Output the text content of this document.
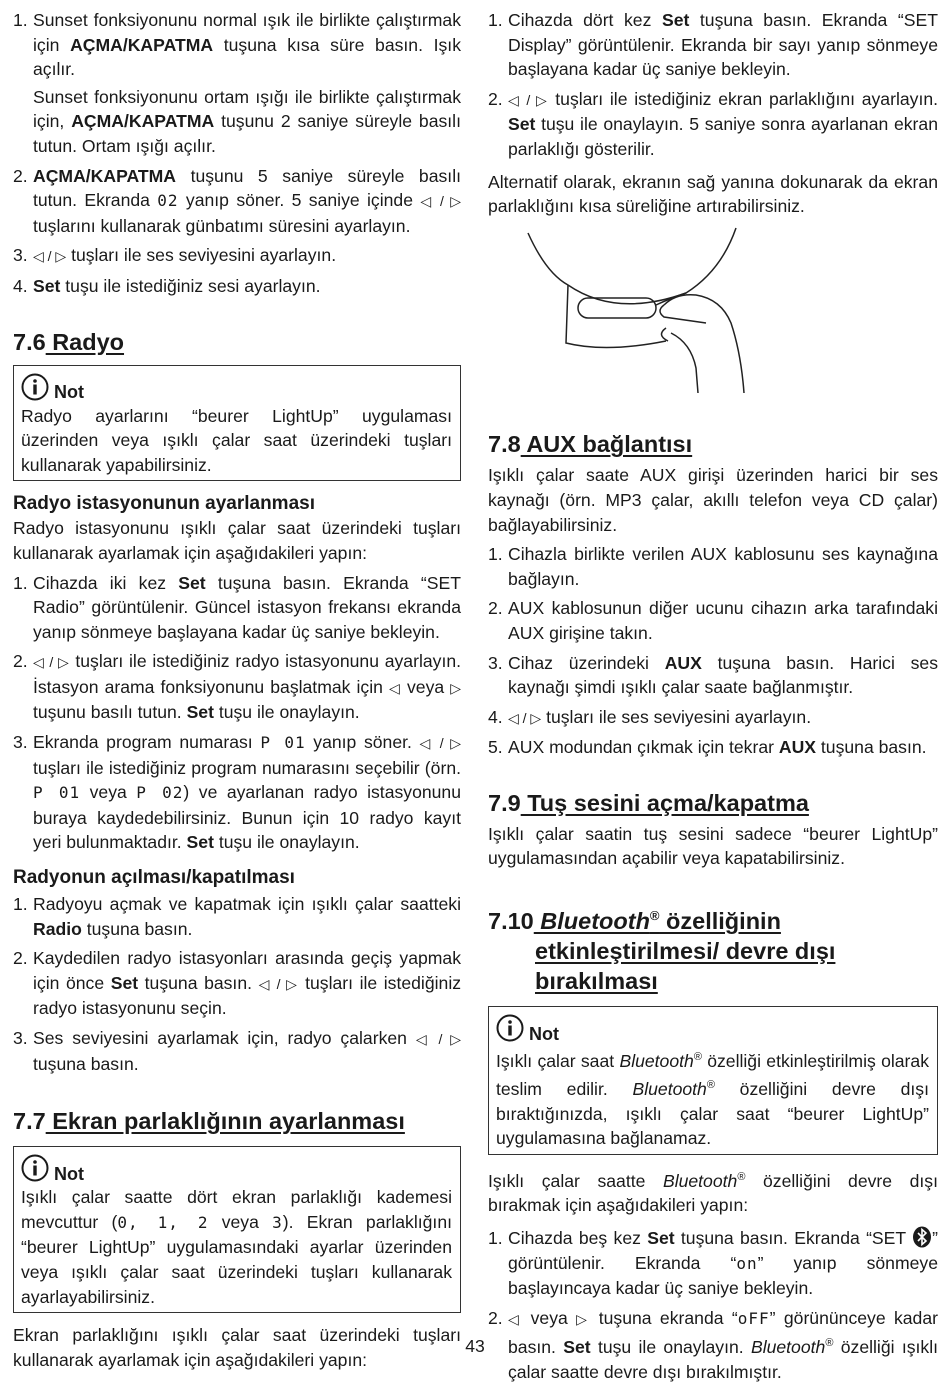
1. Sunset fonksiyonunu normal ışık ile birlikte çalıştırmak için AÇMA/KAPATMA tuşuna kısa süre basın. Işık açılır.
Sunset fonksiyonunu ortam ışığı ile birlikte çalıştırmak için, AÇMA/KAPATMA tuşunu 2 saniye süreyle basılı tutun. Ortam ışığı açılır.
2. AÇMA/KAPATMA tuşunu 5 saniye süreyle basılı tutun. Ekranda 02 yanıp söner. 5 saniye içinde ◁ / ▷ tuşlarını kullanarak günbatımı süresini ayarlayın.
3. ◁ / ▷ tuşları ile ses seviyesini ayarlayın.
4. Set tuşu ile istediğiniz sesi ayarlayın.
7.6 Radyo
Not

Radyo ayarlarını “beurer LightUp” uygulaması üzerinden veya ışıklı çalar saat üzerindeki tuşları kullanarak yapabilirsiniz.

Radyo istasyonunun ayarlanması

Radyo istasyonunu ışıklı çalar saat üzerindeki tuşları kullanarak ayarlamak için aşağıdakileri yapın:

1. Cihazda iki kez Set tuşuna basın. Ekranda “SET Radio” görüntülenir. Güncel istasyon frekansı ekranda yanıp sönmeye başlayana kadar üç saniye bekleyin.
2. ◁ / ▷ tuşları ile istediğiniz radyo istasyonunu ayarlayın. İstasyon arama fonksiyonunu başlatmak için ◁ veya ▷ tuşunu basılı tutun. Set tuşu ile onaylayın.
3. Ekranda program numarası P 01 yanıp söner. ◁ / ▷ tuşları ile istediğiniz program numarasını seçebilir (örn. P 01 veya P 02) ve ayarlanan radyo istasyonunu buraya kaydedebilirsiniz. Bunun için 10 radyo kayıt yeri bulunmaktadır. Set tuşu ile onaylayın.
Radyonun açılması/kapatılması
1. Radyoyu açmak ve kapatmak için ışıklı çalar saatteki Radio tuşuna basın.
2. Kaydedilen radyo istasyonları arasında geçiş yapmak için önce Set tuşuna basın. ◁ / ▷ tuşları ile istediğiniz radyo istasyonunu seçin.
3. Ses seviyesini ayarlamak için, radyo çalarken ◁ / ▷ tuşuna basın.
7.7 Ekran parlaklığının ayarlanması
Not

Işıklı çalar saatte dört ekran parlaklığı kademesi mevcuttur (0, 1, 2 veya 3). Ekran parlaklığını “beurer LightUp” uygulamasındaki ayarlar üzerinden veya ışıklı çalar saat üzerindeki tuşları kullanarak ayarlayabilirsiniz.

Ekran parlaklığını ışıklı çalar saat üzerindeki tuşları kullanarak ayarlamak için aşağıdakileri yapın:

1. Cihazda dört kez Set tuşuna basın. Ekranda “SET Display” görüntülenir. Ekranda bir sayı yanıp sönmeye başlayana kadar üç saniye bekleyin.
2. ◁ / ▷ tuşları ile istediğiniz ekran parlaklığını ayarlayın. Set tuşu ile onaylayın. 5 saniye sonra ayarlanan ekran parlaklığı gösterilir.

Alternatif olarak, ekranın sağ yanına dokunarak da ekran parlaklığını kısa süreliğine artırabilirsiniz.

7.8 AUX bağlantısı

Işıklı çalar saate AUX girişi üzerinden harici bir ses kaynağı (örn. MP3 çalar, akıllı telefon veya CD çalar) bağlayabilirsiniz.

1. Cihazla birlikte verilen AUX kablosunu ses kaynağına bağlayın.
2. AUX kablosunun diğer ucunu cihazın arka tarafındaki AUX girişine takın.
3. Cihaz üzerindeki AUX tuşuna basın. Harici ses kaynağı şimdi ışıklı çalar saate bağlanmıştır.
4. ◁ / ▷ tuşları ile ses seviyesini ayarlayın.
5. AUX modundan çıkmak için tekrar AUX tuşuna basın.
7.9 Tuş sesini açma/kapatma

Işıklı çalar saatin tuş sesini sadece “beurer LightUp” uygulamasından açabilir veya kapatabilirsiniz.

7.10 Bluetooth® özelliğinin etkinleştirilmesi/ devre dışı bırakılması
Not

Işıklı çalar saat Bluetooth® özelliği etkinleştirilmiş olarak teslim edilir. Bluetooth® özelliğini devre dışı bıraktığınızda, ışıklı çalar saat “beurer LightUp” uygulamasına bağlanamaz.

Işıklı çalar saatte Bluetooth® özelliğini devre dışı bırakmak için aşağıdakileri yapın:

1. Cihazda beş kez Set tuşuna basın. Ekranda “SET ” görüntülenir. Ekranda “on” yanıp sönmeye başlayıncaya kadar üç saniye bekleyin.
2. ◁ veya ▷ tuşuna ekranda “oFF” görününceye kadar basın. Set tuşu ile onaylayın. Bluetooth® özelliği ışıklı çalar saatte devre dışı bırakılmıştır.
43
